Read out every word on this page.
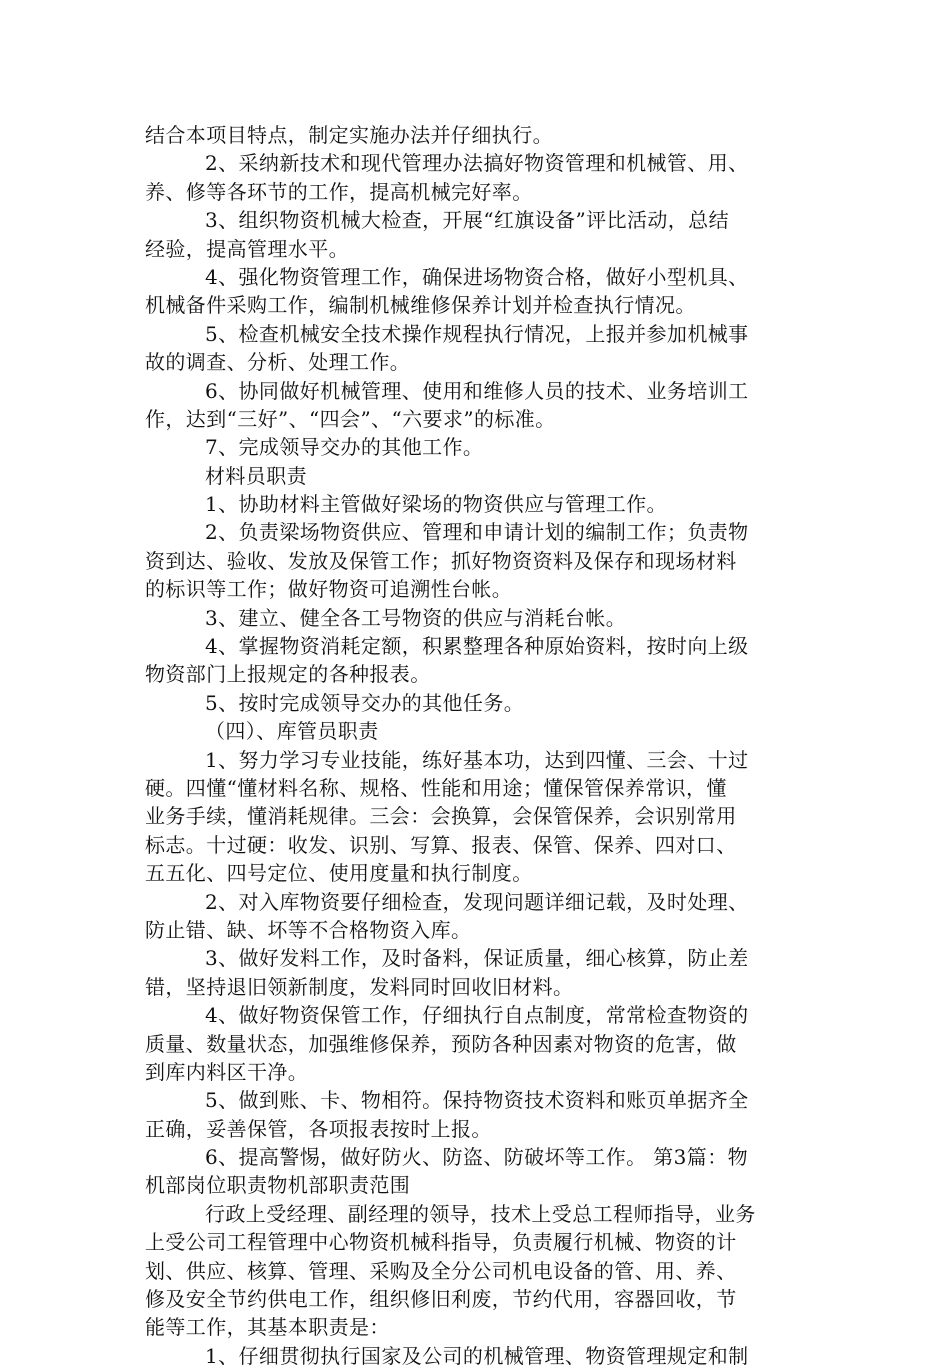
结合本项目特点，制定实施办法并仔细执行。
2、采纳新技术和现代管理办法搞好物资管理和机械管、用、
养、修等各环节的工作，提高机械完好率。
3、组织物资机械大检查，开展“红旗设备”评比活动，总结
经验，提高管理水平。
4、强化物资管理工作，确保进场物资合格，做好小型机具、
机械备件采购工作，编制机械维修保养计划并检查执行情况。
5、检查机械安全技术操作规程执行情况，上报并参加机械事
故的调查、分析、处理工作。
6、协同做好机械管理、使用和维修人员的技术、业务培训工
作，达到“三好”、“四会”、“六要求”的标准。
7、完成领导交办的其他工作。
材料员职责
1、协助材料主管做好梁场的物资供应与管理工作。
2、负责梁场物资供应、管理和申请计划的编制工作；负责物
资到达、验收、发放及保管工作；抓好物资资料及保存和现场材料
的标识等工作；做好物资可追溯性台帐。
3、建立、健全各工号物资的供应与消耗台帐。
4、掌握物资消耗定额，积累整理各种原始资料，按时向上级
物资部门上报规定的各种报表。
5、按时完成领导交办的其他任务。
（四）、库管员职责
1、努力学习专业技能，练好基本功，达到四懂、三会、十过
硬。四懂“懂材料名称、规格、性能和用途；懂保管保养常识，懂
业务手续，懂消耗规律。三会：会换算，会保管保养，会识别常用
标志。十过硬：收发、识别、写算、报表、保管、保养、四对口、
五五化、四号定位、使用度量和执行制度。
2、对入库物资要仔细检查，发现问题详细记载，及时处理、
防止错、缺、坏等不合格物资入库。
3、做好发料工作，及时备料，保证质量，细心核算，防止差
错，坚持退旧领新制度，发料同时回收旧材料。
4、做好物资保管工作，仔细执行自点制度，常常检查物资的
质量、数量状态，加强维修保养，预防各种因素对物资的危害，做
到库内料区干净。
5、做到账、卡、物相符。保持物资技术资料和账页单据齐全
正确，妥善保管，各项报表按时上报。
6、提高警惕，做好防火、防盗、防破坏等工作。 第3篇：物
机部岗位职责物机部职责范围
行政上受经理、副经理的领导，技术上受总工程师指导，业务
上受公司工程管理中心物资机械科指导，负责履行机械、物资的计
划、供应、核算、管理、采购及全分公司机电设备的管、用、养、
修及安全节约供电工作，组织修旧利废，节约代用，容器回收，节
能等工作，其基本职责是：
1、仔细贯彻执行国家及公司的机械管理、物资管理规定和制
